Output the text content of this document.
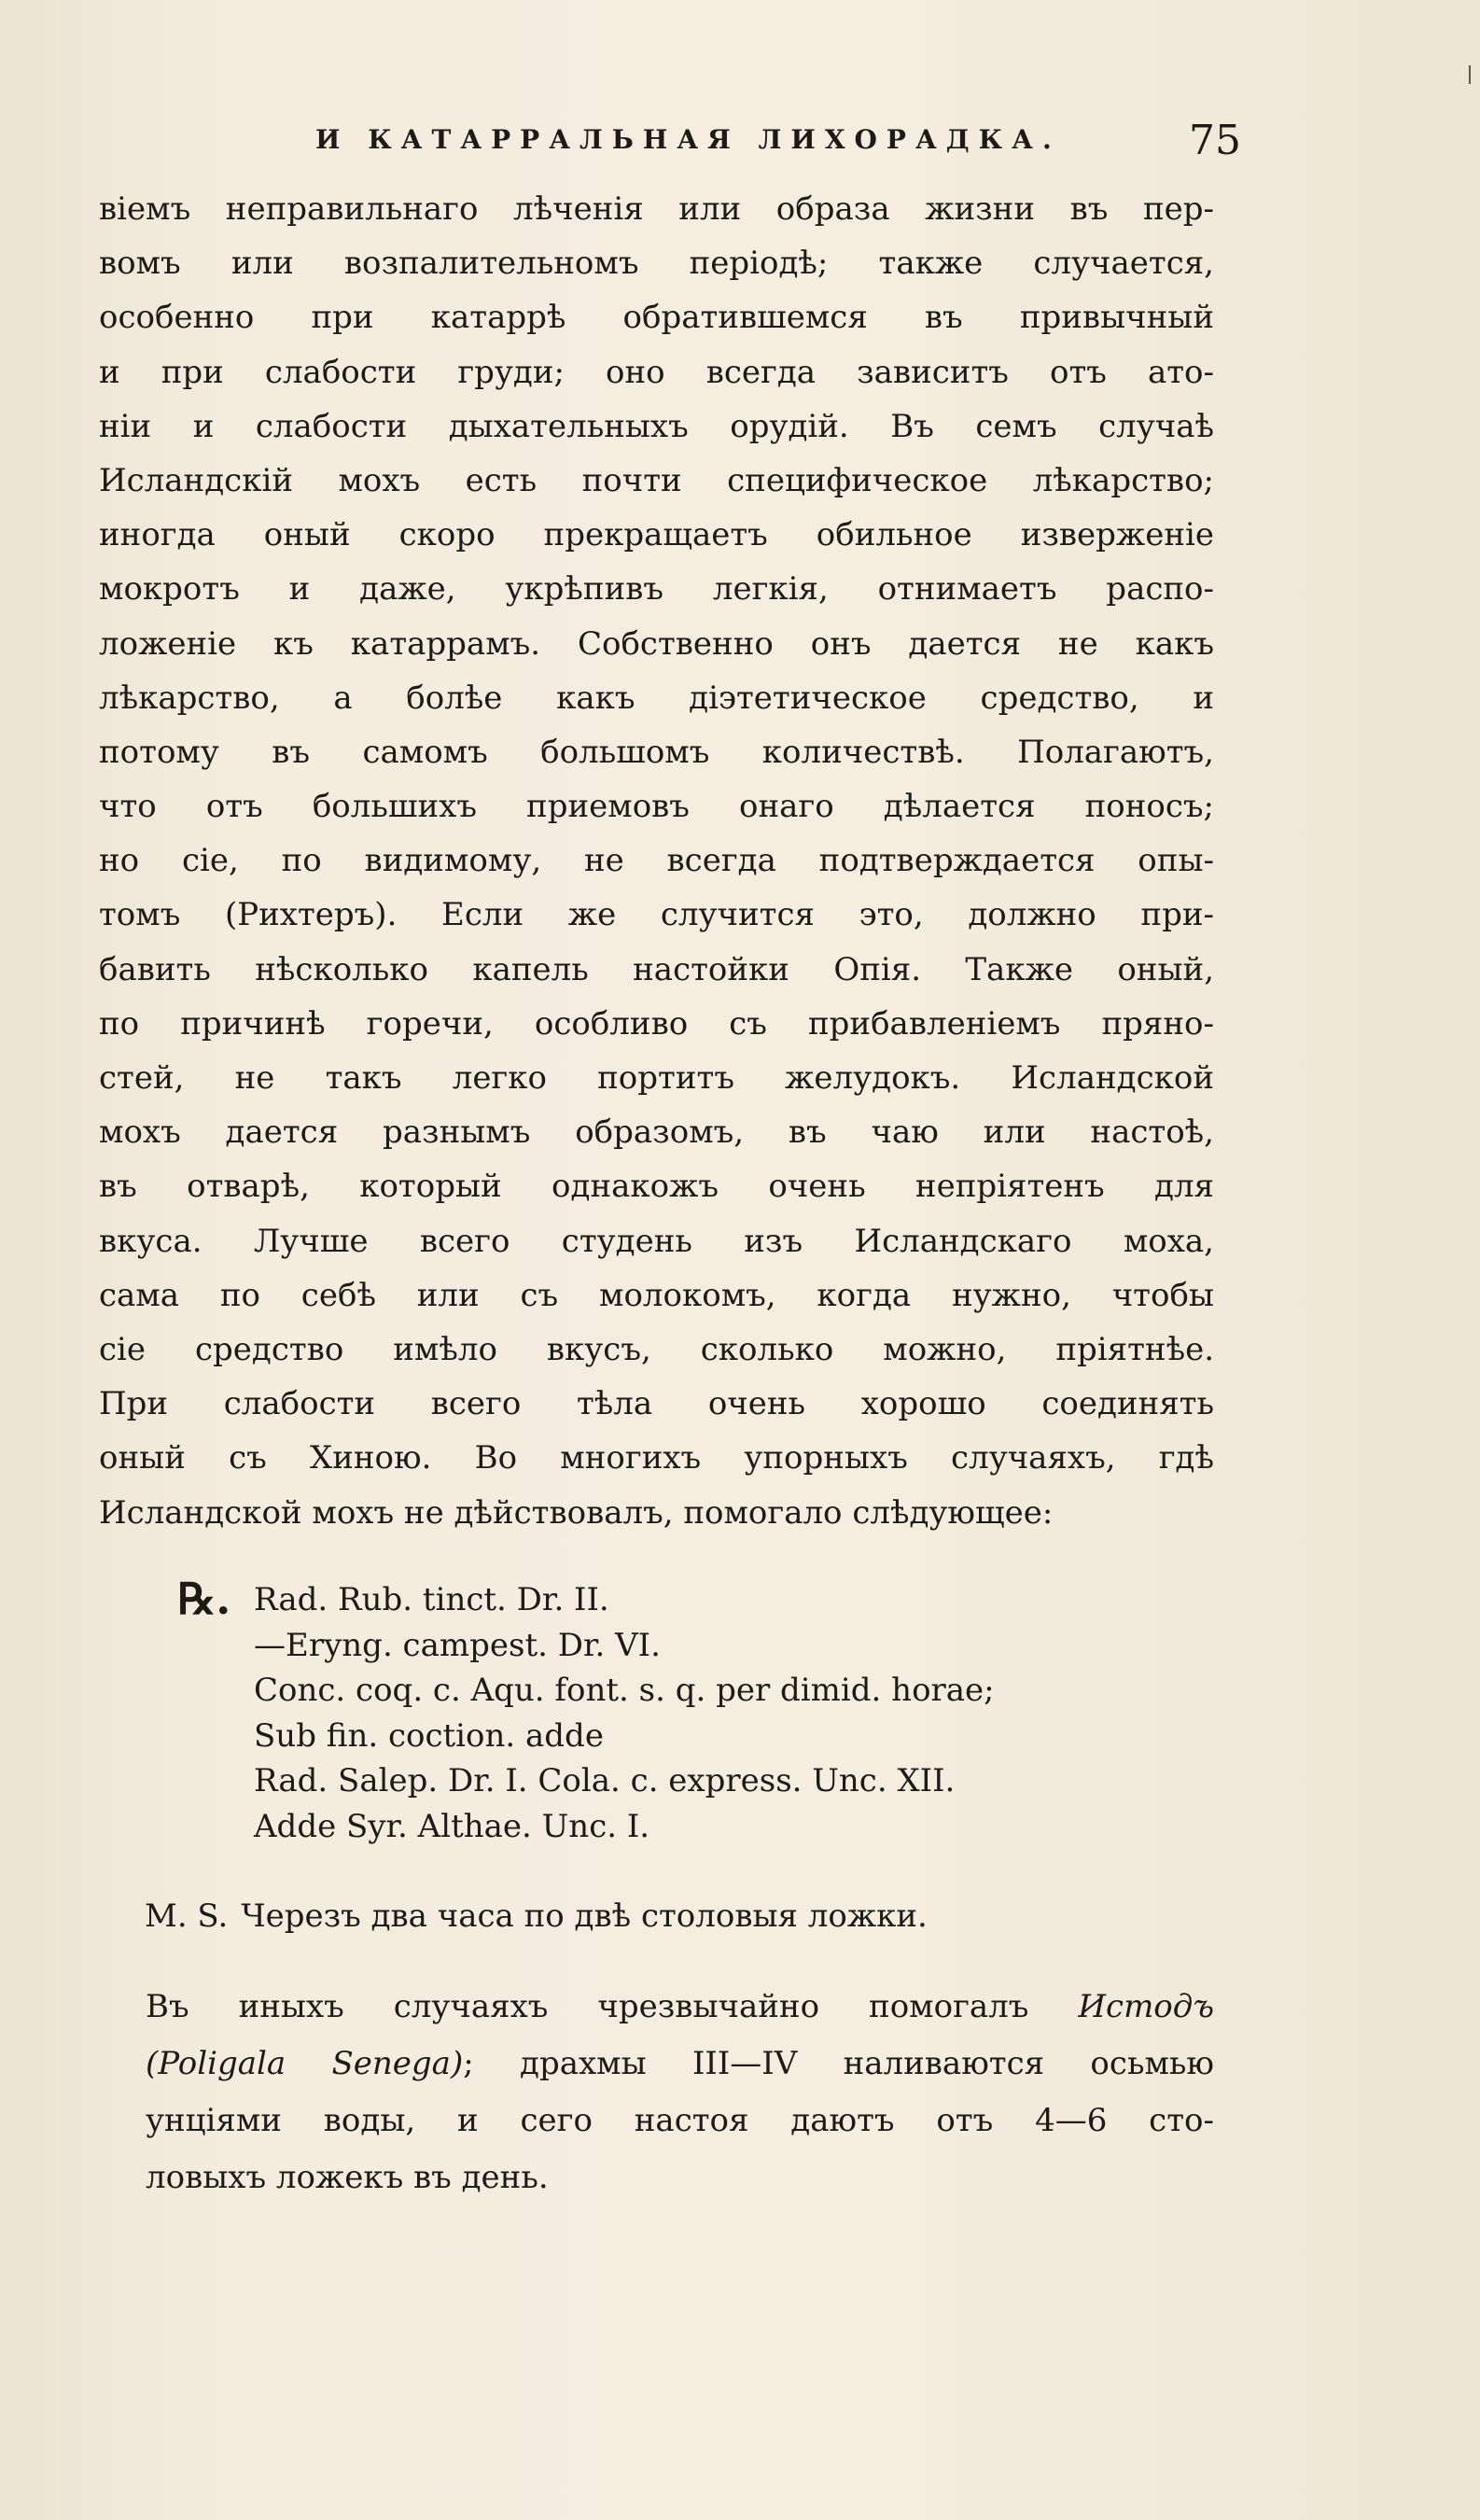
И КАТАРРАЛЬНАЯ ЛИХОРАДКА.	75
віемъ неправильнаго лѣченія или образа жизни въ пер-
вомъ или возпалительномъ періодѣ; также случается,
особенно при катаррѣ обратившемся въ привычный
и при слабости груди; оно всегда зависитъ отъ ато-
ніи и слабости дыхательныхъ орудій. Въ семъ случаѣ
Исландскій мохъ есть почти специфическое лѣкарство;
иногда оный скоро прекращаетъ обильное изверженіе
мокротъ и даже, укрѣпивъ легкія, отнимаетъ распо-
ложеніе къ катаррамъ. Собственно онъ дается не какъ
лѣкарство, а болѣе какъ діэтетическое средство, и
потому въ самомъ большомъ количествѣ. Полагаютъ,
что отъ большихъ приемовъ онаго дѣлается поносъ;
но сіе, по видимому, не всегда подтверждается опы-
томъ (Рихтеръ). Если же случится это, должно при-
бавить нѣсколько капель настойки Опія. Также оный,
по причинѣ горечи, особливо съ прибавленіемъ пряно-
стей, не такъ легко портитъ желудокъ. Исландской
мохъ дается разнымъ образомъ, въ чаю или настоѣ,
въ отварѣ, который однакожъ очень непріятенъ для
вкуса. Лучше всего студень изъ Исландскаго моха,
сама по себѣ или съ молокомъ, когда нужно, чтобы
сіе средство имѣло вкусъ, сколько можно, пріятнѣе.
При слабости всего тѣла очень хорошо соединять
оный съ Хиною. Во многихъ упорныхъ случаяхъ, гдѣ
Исландской мохъ не дѣйствовалъ, помогало слѣдующее:
℞. Rad. Rub. tinct. Dr. II.
—Eryng. campest. Dr. VI.
Conc. coq. c. Aqu. font. s. q. per dimid. horae;
Sub fin. coction. adde
Rad. Salep. Dr. I. Cola. c. express. Unc. XII.
Adde Syr. Althae. Unc. I.
M. S. Черезъ два часа по двѣ столовыя ложки.
Въ иныхъ случаяхъ чрезвычайно помогалъ Истодъ
(Poligala Senega); драхмы III—IV наливаются осьмью
унціями воды, и сего настоя даютъ отъ 4—6 сто-
ловыхъ ложекъ въ день.
